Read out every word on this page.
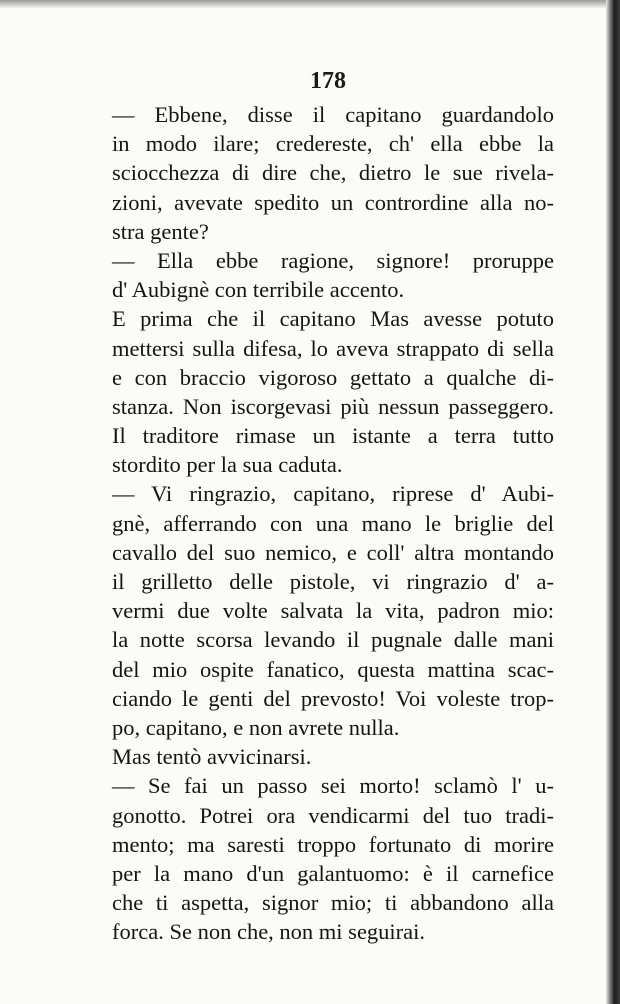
178
— Ebbene, disse il capitano guardandolo
in modo ilare; credereste, ch' ella ebbe la
sciocchezza di dire che, dietro le sue rivela-
zioni, avevate spedito un contrordine alla no-
stra gente?
— Ella ebbe ragione, signore! proruppe
d' Aubignè con terribile accento.
E prima che il capitano Mas avesse potuto
mettersi sulla difesa, lo aveva strappato di sella
e con braccio vigoroso gettato a qualche di-
stanza. Non iscorgevasi più nessun passeggero.
Il traditore rimase un istante a terra tutto
stordito per la sua caduta.
— Vi ringrazio, capitano, riprese d' Aubi-
gnè, afferrando con una mano le briglie del
cavallo del suo nemico, e coll' altra montando
il grilletto delle pistole, vi ringrazio d' a-
vermi due volte salvata la vita, padron mio:
la notte scorsa levando il pugnale dalle mani
del mio ospite fanatico, questa mattina scac-
ciando le genti del prevosto! Voi voleste trop-
po, capitano, e non avrete nulla.
Mas tentò avvicinarsi.
— Se fai un passo sei morto! sclamò l' u-
gonotto. Potrei ora vendicarmi del tuo tradi-
mento; ma saresti troppo fortunato di morire
per la mano d'un galantuomo: è il carnefice
che ti aspetta, signor mio; ti abbandono alla
forca. Se non che, non mi seguirai.
